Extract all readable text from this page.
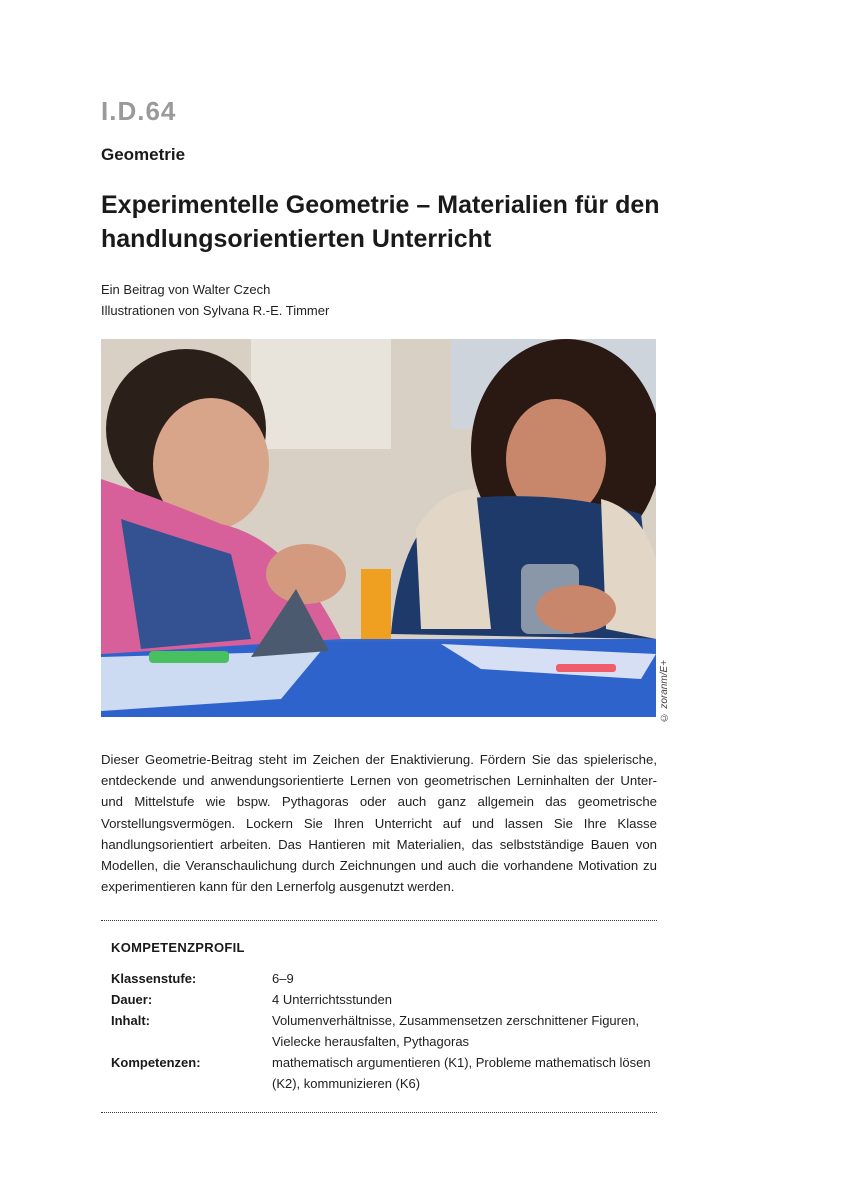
I.D.64
Geometrie
Experimentelle Geometrie – Materialien für den handlungsorientierten Unterricht
Ein Beitrag von Walter Czech
Illustrationen von Sylvana R.-E. Timmer
© zoranm/E+

Dieser Geometrie-Beitrag steht im Zeichen der Enaktivierung. Fördern Sie das spielerische, entdeckende und anwendungsorientierte Lernen von geometrischen Lerninhalten der Unter- und Mittelstufe wie bspw. Pythagoras oder auch ganz allgemein das geometrische Vorstellungsvermögen. Lockern Sie Ihren Unterricht auf und lassen Sie Ihre Klasse handlungsorientiert arbeiten. Das Hantieren mit Materialien, das selbstständige Bauen von Modellen, die Veranschaulichung durch Zeichnungen und auch die vorhandene Motivation zu experimentieren kann für den Lernerfolg ausgenutzt werden.

KOMPETENZPROFIL
Klassenstufe:	6–9
Dauer:	4 Unterrichtsstunden
Inhalt:	Volumenverhältnisse, Zusammensetzen zerschnittener Figuren, Vielecke herausfalten, Pythagoras
Kompetenzen:	mathematisch argumentieren (K1), Probleme mathematisch lösen (K2), kommunizieren (K6)
